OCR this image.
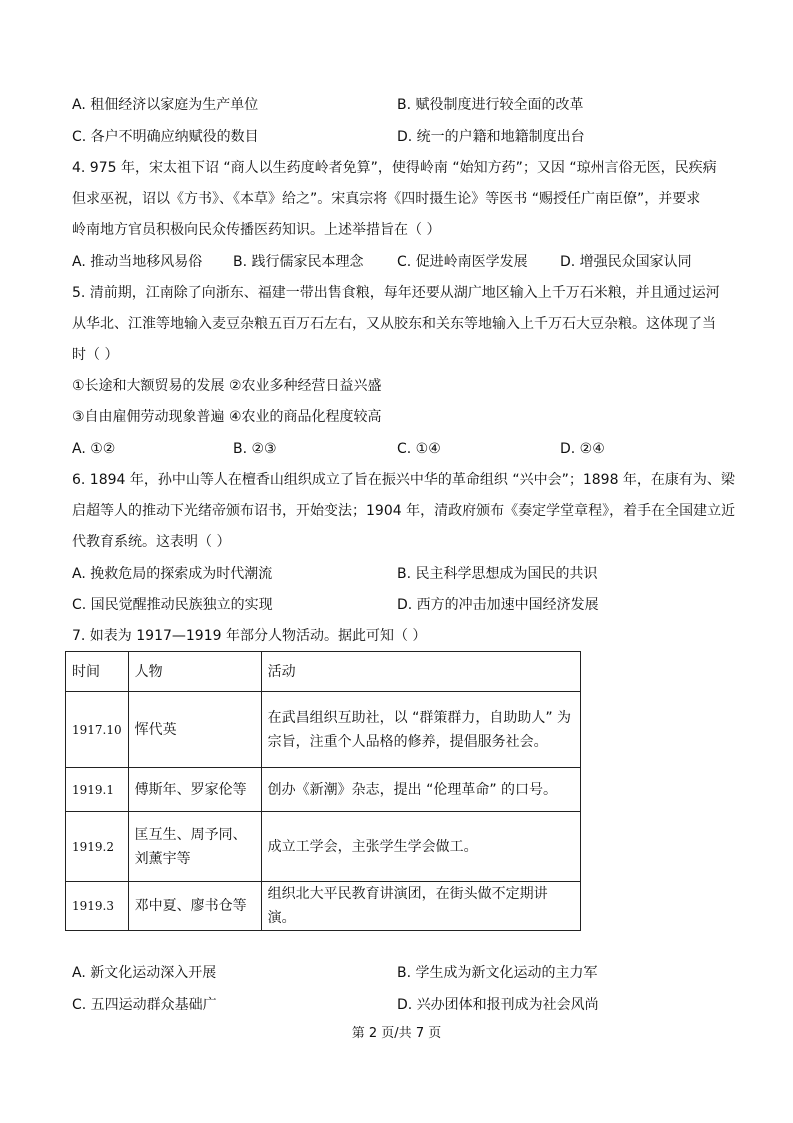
A. 租佃经济以家庭为生产单位	B. 赋役制度进行较全面的改革
C. 各户不明确应纳赋役的数目	D. 统一的户籍和地籍制度出台
4. 975 年，宋太祖下诏 “商人以生药度岭者免算”，使得岭南 “始知方药”；又因 “琼州言俗无医，民疾病
但求巫祝，诏以《方书》、《本草》给之”。宋真宗将《四时摄生论》等医书 “赐授任广南臣僚”，并要求
岭南地方官员积极向民众传播医药知识。上述举措旨在（ ）
A. 推动当地移风易俗 B. 践行儒家民本理念 C. 促进岭南医学发展 D. 增强民众国家认同
5. 清前期，江南除了向浙东、福建一带出售食粮，每年还要从湖广地区输入上千万石米粮，并且通过运河
从华北、江淮等地输入麦豆杂粮五百万石左右，又从胶东和关东等地输入上千万石大豆杂粮。这体现了当
时（ ）
①长途和大额贸易的发展 ②农业多种经营日益兴盛
③自由雇佣劳动现象普遍 ④农业的商品化程度较高
A. ①②	B. ②③	C. ①④	D. ②④
6. 1894 年，孙中山等人在檀香山组织成立了旨在振兴中华的革命组织 “兴中会”；1898 年，在康有为、梁
启超等人的推动下光绪帝颁布诏书，开始变法；1904 年，清政府颁布《奏定学堂章程》，着手在全国建立近
代教育系统。这表明（ ）
A. 挽救危局的探索成为时代潮流	B. 民主科学思想成为国民的共识
C. 国民觉醒推动民族独立的实现	D. 西方的冲击加速中国经济发展
7. 如表为 1917—1919 年部分人物活动。据此可知（ ）
时间	人物	活动
1917.10	恽代英	在武昌组织互助社，以 “群策群力，自助助人” 为
宗旨，注重个人品格的修养，提倡服务社会。

1919.1	傅斯年、罗家伦等	创办《新潮》杂志，提出 “伦理革命” 的口号。

1919.2	匡互生、周予同、
刘薰宇等	成立工学会，主张学生学会做工。

1919.3	邓中夏、廖书仓等	组织北大平民教育讲演团，在街头做不定期讲演。
A. 新文化运动深入开展	B. 学生成为新文化运动的主力军
C. 五四运动群众基础广	D. 兴办团体和报刊成为社会风尚
第 2 页/共 7 页
